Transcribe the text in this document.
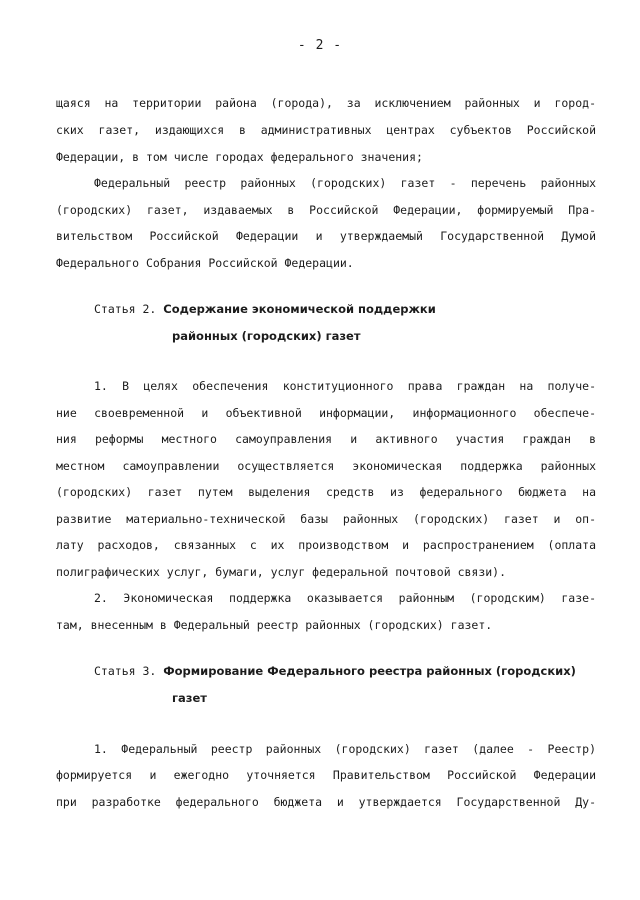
- 2 -
щаяся на территории района (города), за исключением районных и город-
ских газет, издающихся в административных центрах субъектов Российской
Федерации, в том числе городах федерального значения;
Федеральный реестр районных (городских) газет - перечень районных
(городских) газет, издаваемых в Российской Федерации, формируемый Пра-
вительством Российской Федерации и утверждаемый Государственной Думой
Федерального Собрания Российской Федерации.
Статья 2. Содержание экономической поддержки
районных (городских) газет
1. В целях обеспечения конституционного права граждан на получе-
ние своевременной и объективной информации, информационного обеспече-
ния реформы местного самоуправления и активного участия граждан в
местном самоуправлении осуществляется экономическая поддержка районных
(городских) газет путем выделения средств из федерального бюджета на
развитие материально-технической базы районных (городских) газет и оп-
лату расходов, связанных с их производством и распространением (оплата
полиграфических услуг, бумаги, услуг федеральной почтовой связи).
2. Экономическая поддержка оказывается районным (городским) газе-
там, внесенным в Федеральный реестр районных (городских) газет.
Статья 3. Формирование Федерального реестра районных (городских)
газет
1. Федеральный реестр районных (городских) газет (далее - Реестр)
формируется и ежегодно уточняется Правительством Российской Федерации
при разработке федерального бюджета и утверждается Государственной Ду-
